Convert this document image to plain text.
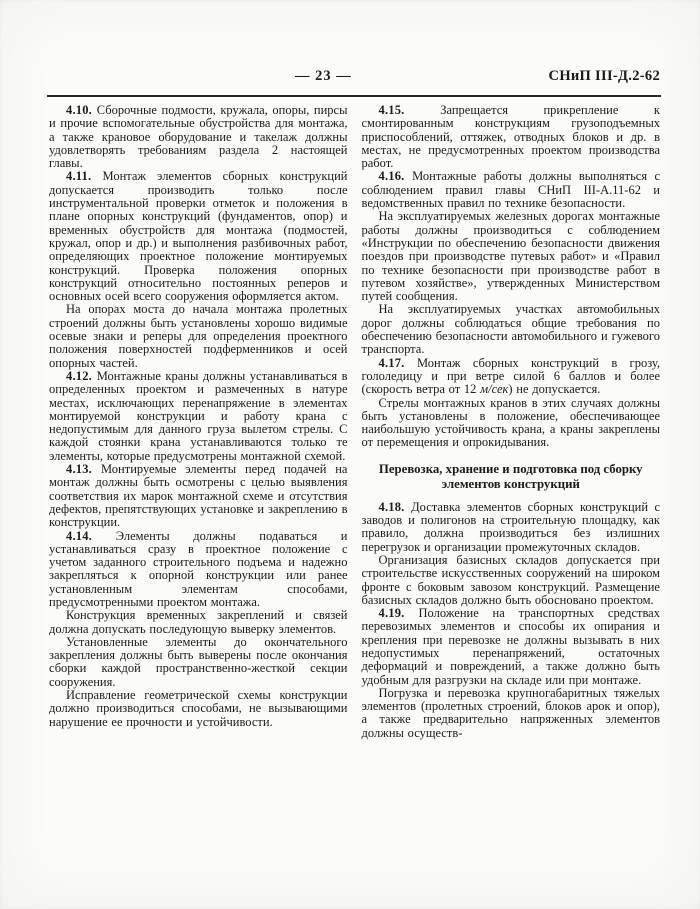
— 23 —	СНиП III-Д.2-62

4.10. Сборочные подмости, кружала, опоры, пирсы и прочие вспомогательные обустройства для монтажа, а также крановое оборудование и такелаж должны удовлетворять требованиям раздела 2 настоящей главы.

4.11. Монтаж элементов сборных конструкций допускается производить только после инструментальной проверки отметок и положения в плане опорных конструкций (фундаментов, опор) и временных обустройств для монтажа (подмостей, кружал, опор и др.) и выполнения разбивочных работ, определяющих проектное положение монтируемых конструкций. Проверка положения опорных конструкций относительно постоянных реперов и основных осей всего сооружения оформляется актом.

На опорах моста до начала монтажа пролетных строений должны быть установлены хорошо видимые осевые знаки и реперы для определения проектного положения поверхностей подферменников и осей опорных частей.

4.12. Монтажные краны должны устанавливаться в определенных проектом и размеченных в натуре местах, исключающих перенапряжение в элементах монтируемой конструкции и работу крана с недопустимым для данного груза вылетом стрелы. С каждой стоянки крана устанавливаются только те элементы, которые предусмотрены монтажной схемой.

4.13. Монтируемые элементы перед подачей на монтаж должны быть осмотрены с целью выявления соответствия их марок монтажной схеме и отсутствия дефектов, препятствующих установке и закреплению в конструкции.

4.14. Элементы должны подаваться и устанавливаться сразу в проектное положение с учетом заданного строительного подъема и надежно закрепляться к опорной конструкции или ранее установленным элементам способами, предусмотренными проектом монтажа.

Конструкция временных закреплений и связей должна допускать последующую выверку элементов.

Установленные элементы до окончательного закрепления должны быть выверены после окончания сборки каждой пространственно-жесткой секции сооружения.

Исправление геометрической схемы конструкции должно производиться способами, не вызывающими нарушение ее прочности и устойчивости.

4.15. Запрещается прикрепление к смонтированным конструкциям грузоподъемных приспособлений, оттяжек, отводных блоков и др. в местах, не предусмотренных проектом производства работ.

4.16. Монтажные работы должны выполняться с соблюдением правил главы СНиП III-А.11-62 и ведомственных правил по технике безопасности.

На эксплуатируемых железных дорогах монтажные работы должны производиться с соблюдением «Инструкции по обеспечению безопасности движения поездов при производстве путевых работ» и «Правил по технике безопасности при производстве работ в путевом хозяйстве», утвержденных Министерством путей сообщения.

На эксплуатируемых участках автомобильных дорог должны соблюдаться общие требования по обеспечению безопасности автомобильного и гужевого транспорта.

4.17. Монтаж сборных конструкций в грозу, гололедицу и при ветре силой 6 баллов и более (скорость ветра от 12 м/сек) не допускается.

Стрелы монтажных кранов в этих случаях должны быть установлены в положение, обеспечивающее наибольшую устойчивость крана, а краны закреплены от перемещения и опрокидывания.

Перевозка, хранение и подготовка под сборку элементов конструкций

4.18. Доставка элементов сборных конструкций с заводов и полигонов на строительную площадку, как правило, должна производиться без излишних перегрузок и организации промежуточных складов.

Организация базисных складов допускается при строительстве искусственных сооружений на широком фронте с боковым завозом конструкций. Размещение базисных складов должно быть обосновано проектом.

4.19. Положение на транспортных средствах перевозимых элементов и способы их опирания и крепления при перевозке не должны вызывать в них недопустимых перенапряжений, остаточных деформаций и повреждений, а также должно быть удобным для разгрузки на складе или при монтаже.

Погрузка и перевозка крупногабаритных тяжелых элементов (пролетных строений, блоков арок и опор), а также предварительно напряженных элементов должны осуществ-
